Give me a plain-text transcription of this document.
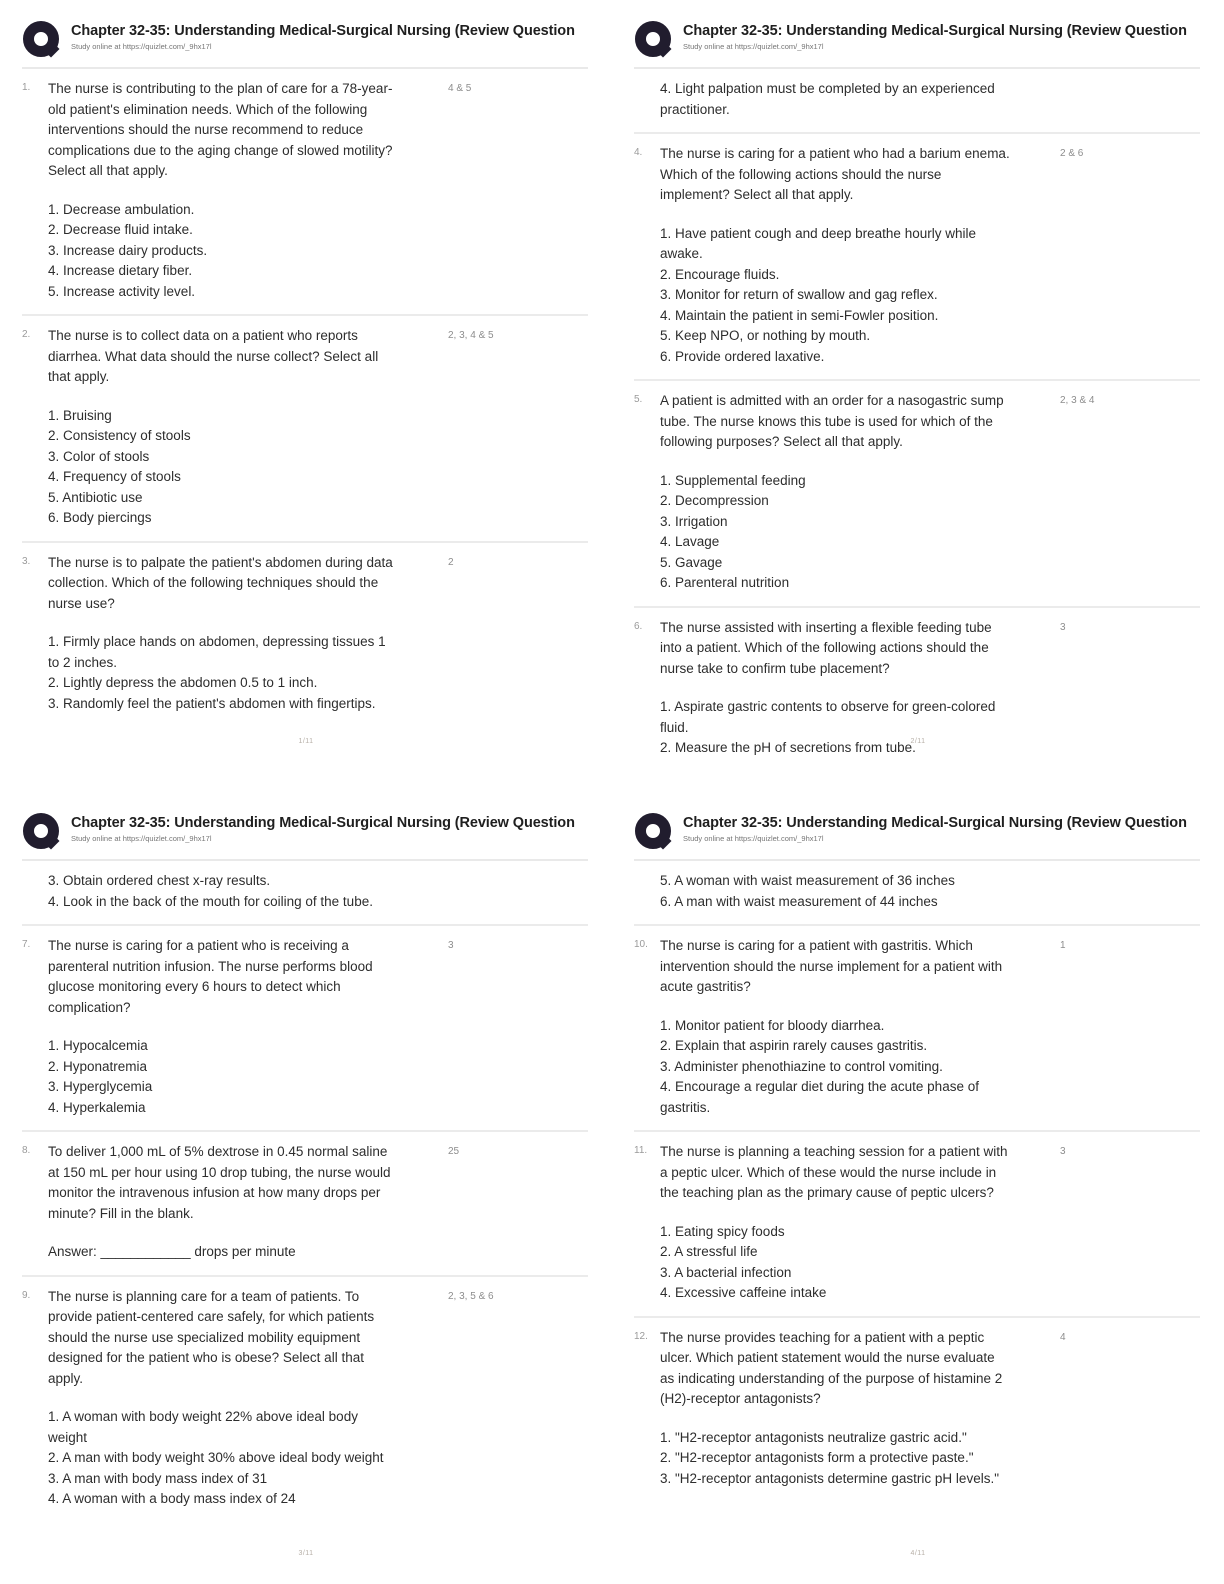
Chapter 32-35: Understanding Medical-Surgical Nursing (Review Question
Study online at https://quizlet.com/_9hx17l
1.	The nurse is contributing to the plan of care for a 78-year-old patient's elimination needs. Which of the following interventions should the nurse recommend to reduce complications due to the aging change of slowed motility? Select all that apply.
1. Decrease ambulation.
2. Decrease fluid intake.
3. Increase dairy products.
4. Increase dietary fiber.
5. Increase activity level.
4 & 5
2.	The nurse is to collect data on a patient who reports diarrhea. What data should the nurse collect? Select all that apply.
1. Bruising
2. Consistency of stools
3. Color of stools
4. Frequency of stools
5. Antibiotic use
6. Body piercings
2, 3, 4 & 5
3.	The nurse is to palpate the patient's abdomen during data collection. Which of the following techniques should the nurse use?
1. Firmly place hands on abdomen, depressing tissues 1 to 2 inches.
2. Lightly depress the abdomen 0.5 to 1 inch.
3. Randomly feel the patient's abdomen with fingertips.
2
1/11
Chapter 32-35: Understanding Medical-Surgical Nursing (Review Question
Study online at https://quizlet.com/_9hx17l
4. Light palpation must be completed by an experienced practitioner.
4.	The nurse is caring for a patient who had a barium enema. Which of the following actions should the nurse implement? Select all that apply.
1. Have patient cough and deep breathe hourly while awake.
2. Encourage fluids.
3. Monitor for return of swallow and gag reflex.
4. Maintain the patient in semi-Fowler position.
5. Keep NPO, or nothing by mouth.
6. Provide ordered laxative.
2 & 6
5.	A patient is admitted with an order for a nasogastric sump tube. The nurse knows this tube is used for which of the following purposes? Select all that apply.
1. Supplemental feeding
2. Decompression
3. Irrigation
4. Lavage
5. Gavage
6. Parenteral nutrition
2, 3 & 4
6.	The nurse assisted with inserting a flexible feeding tube into a patient. Which of the following actions should the nurse take to confirm tube placement?
1. Aspirate gastric contents to observe for green-colored fluid.
2. Measure the pH of secretions from tube.
3
2/11
Chapter 32-35: Understanding Medical-Surgical Nursing (Review Question
Study online at https://quizlet.com/_9hx17l
3. Obtain ordered chest x-ray results.
4. Look in the back of the mouth for coiling of the tube.
7.	The nurse is caring for a patient who is receiving a parenteral nutrition infusion. The nurse performs blood glucose monitoring every 6 hours to detect which complication?
1. Hypocalcemia
2. Hyponatremia
3. Hyperglycemia
4. Hyperkalemia
3
8.	To deliver 1,000 mL of 5% dextrose in 0.45 normal saline at 150 mL per hour using 10 drop tubing, the nurse would monitor the intravenous infusion at how many drops per minute? Fill in the blank.
Answer: ____________ drops per minute
25
9.	The nurse is planning care for a team of patients. To provide patient-centered care safely, for which patients should the nurse use specialized mobility equipment designed for the patient who is obese? Select all that apply.
1. A woman with body weight 22% above ideal body weight
2. A man with body weight 30% above ideal body weight
3. A man with body mass index of 31
4. A woman with a body mass index of 24
2, 3, 5 & 6
3/11
Chapter 32-35: Understanding Medical-Surgical Nursing (Review Question
Study online at https://quizlet.com/_9hx17l
5. A woman with waist measurement of 36 inches
6. A man with waist measurement of 44 inches
10. The nurse is caring for a patient with gastritis. Which intervention should the nurse implement for a patient with acute gastritis?
1. Monitor patient for bloody diarrhea.
2. Explain that aspirin rarely causes gastritis.
3. Administer phenothiazine to control vomiting.
4. Encourage a regular diet during the acute phase of gastritis.
1
11. The nurse is planning a teaching session for a patient with a peptic ulcer. Which of these would the nurse include in the teaching plan as the primary cause of peptic ulcers?
1. Eating spicy foods
2. A stressful life
3. A bacterial infection
4. Excessive caffeine intake
3
12. The nurse provides teaching for a patient with a peptic ulcer. Which patient statement would the nurse evaluate as indicating understanding of the purpose of histamine 2 (H2)-receptor antagonists?
1. "H2-receptor antagonists neutralize gastric acid."
2. "H2-receptor antagonists form a protective paste."
3. "H2-receptor antagonists determine gastric pH levels."
4
4/11
